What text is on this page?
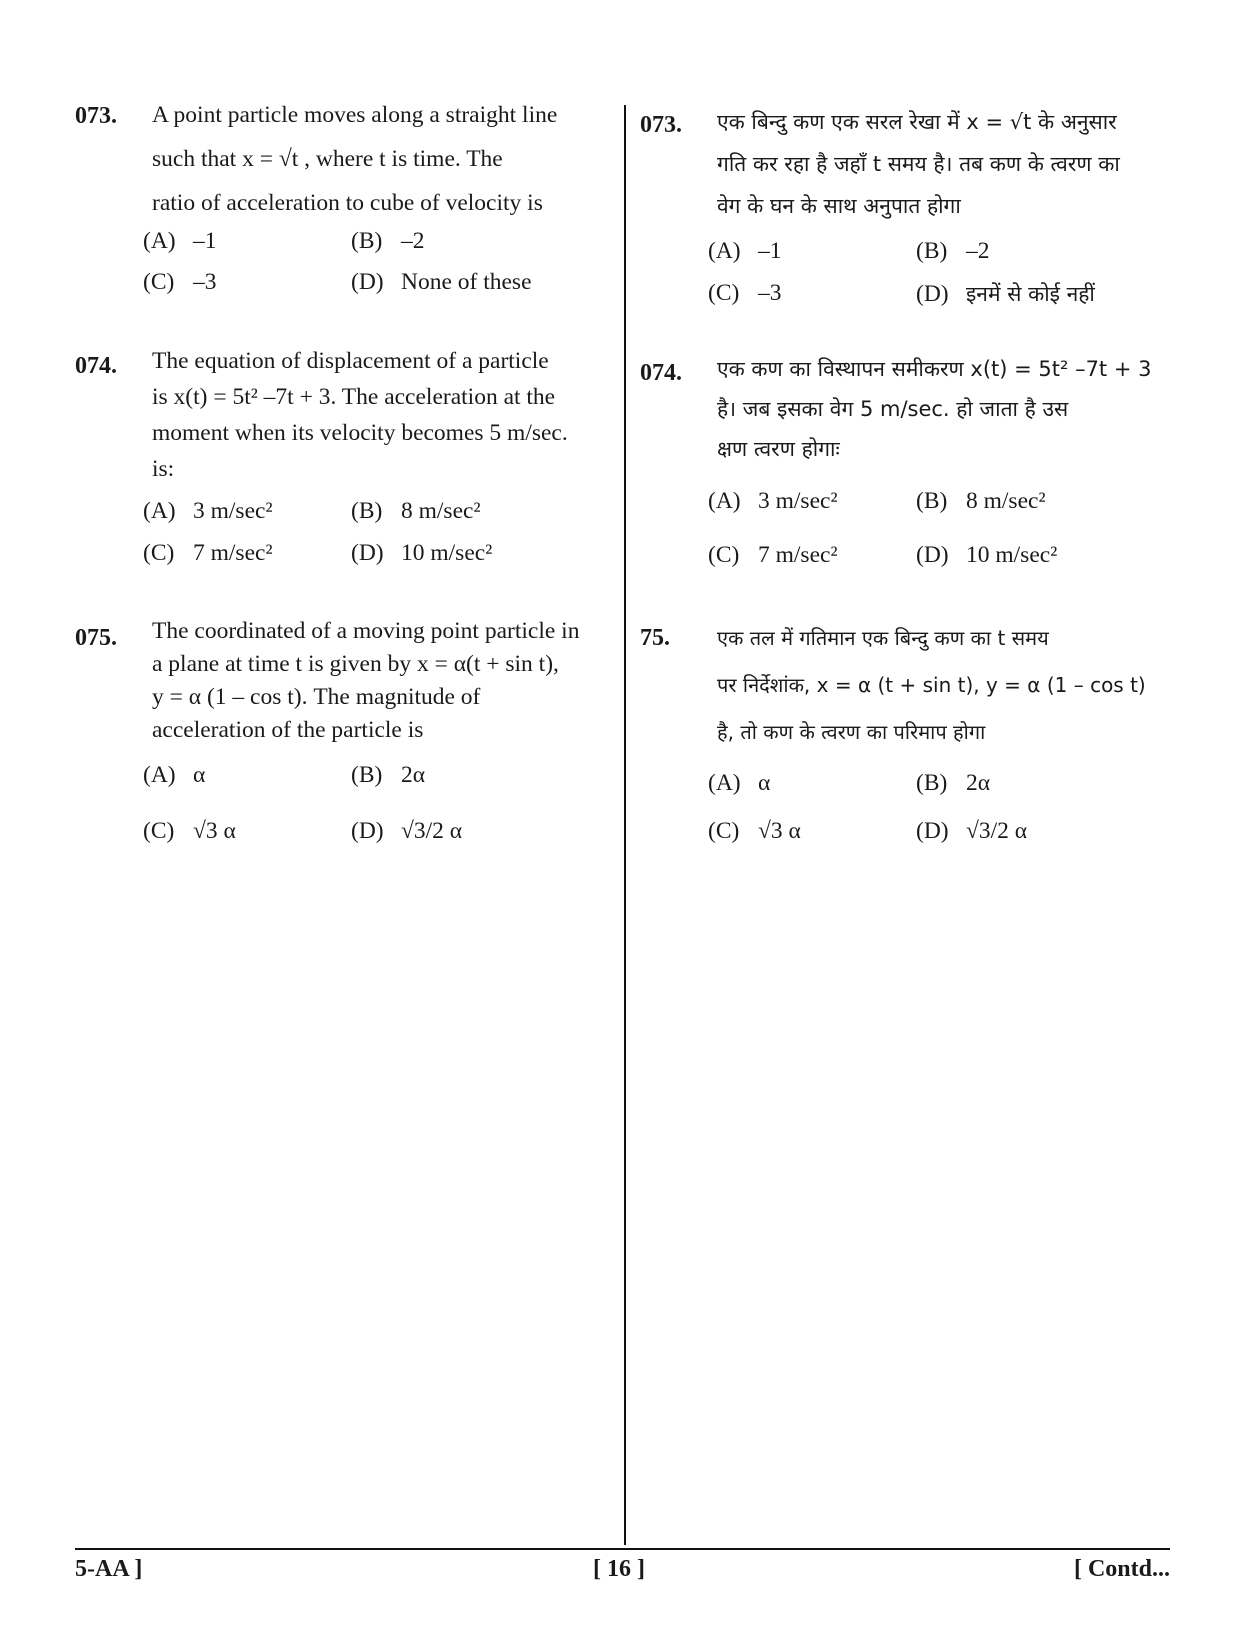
073. A point particle moves along a straight line
such that x = √t , where t is time. The
ratio of acceleration to cube of velocity is
(A) –1	(B) –2
(C) –3	(D) None of these
074. The equation of displacement of a particle
is x(t) = 5t² –7t + 3. The acceleration at the
moment when its velocity becomes 5 m/sec.
is:
(A) 3 m/sec²	(B) 8 m/sec²
(C) 7 m/sec²	(D) 10 m/sec²
075. The coordinated of a moving point particle in
a plane at time t is given by x = α(t + sin t),
y = α (1 – cos t). The magnitude of
acceleration of the particle is
(A) α	(B) 2α
(C) √3 α	(D) √3/2 α
073. एक बिन्दु कण एक सरल रेखा में x = √t के अनुसार
गति कर रहा है जहाँ t समय है। तब कण के त्वरण का
वेग के घन के साथ अनुपात होगा
(A) –1	(B) –2
(C) –3	(D) इनमें से कोई नहीं
074. एक कण का विस्थापन समीकरण x(t) = 5t² –7t + 3
है। जब इसका वेग 5 m/sec. हो जाता है उस
क्षण त्वरण होगाः
(A) 3 m/sec²	(B) 8 m/sec²
(C) 7 m/sec²	(D) 10 m/sec²
75. एक तल में गतिमान एक बिन्दु कण का t समय
पर निर्देशांक, x = α (t + sin t), y = α (1 – cos t)
है, तो कण के त्वरण का परिमाप होगा
(A) α	(B) 2α
(C) √3 α	(D) √3/2 α
5-AA ]	[ 16 ]	[ Contd...
